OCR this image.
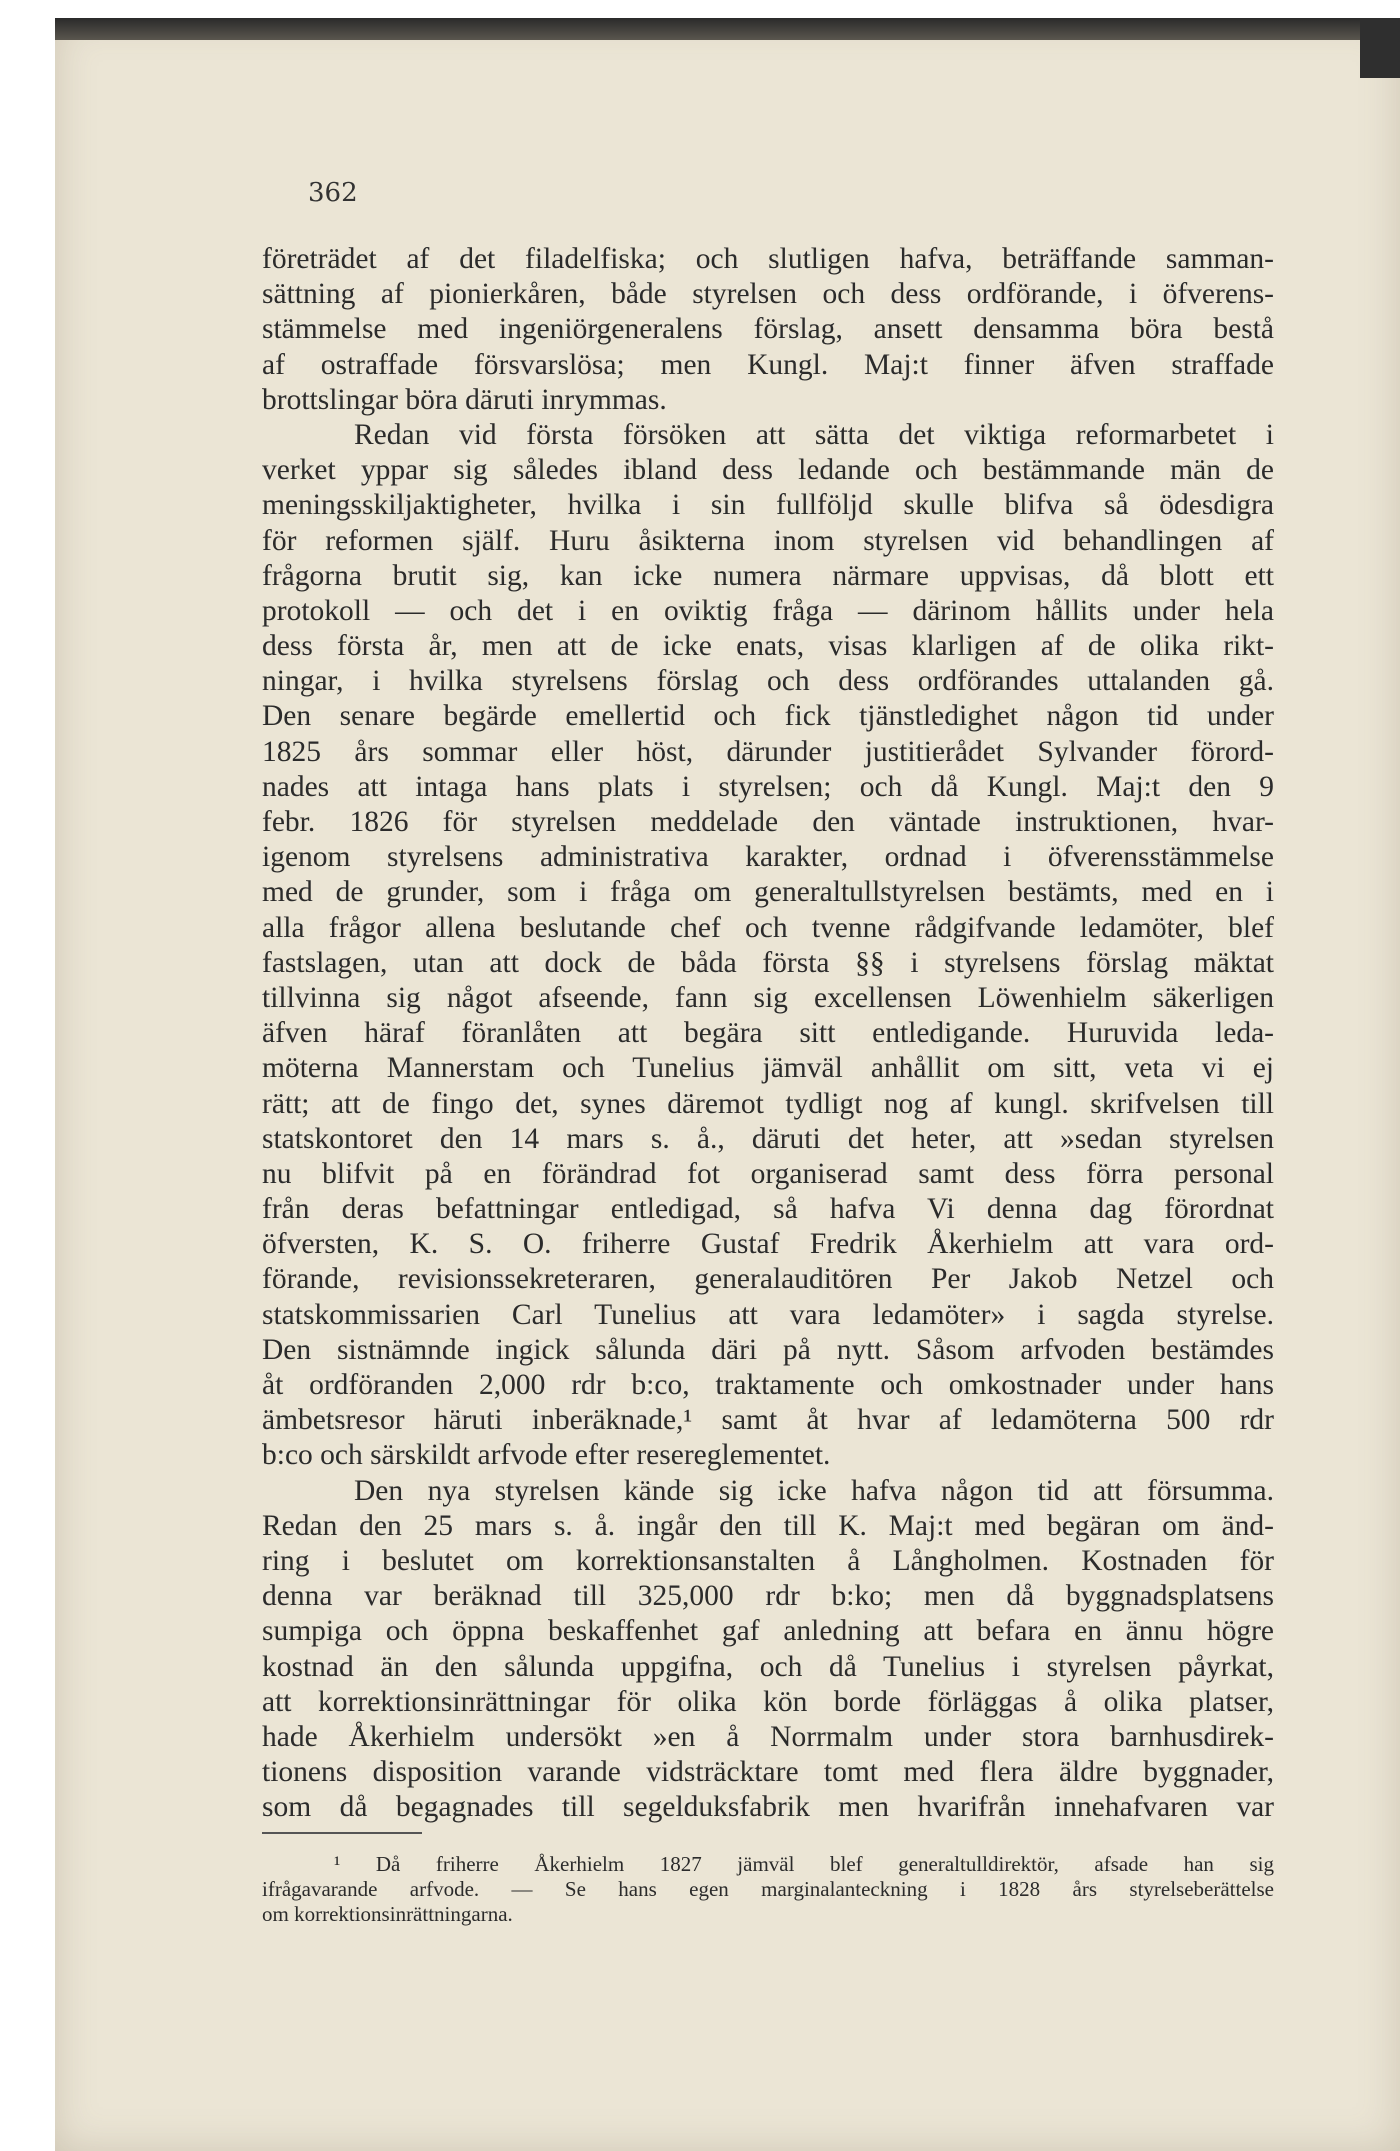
362
företrädet af det filadelfiska; och slutligen hafva, beträffande samman-
sättning af pionierkåren, både styrelsen och dess ordförande, i öfverens-
stämmelse med ingeniörgeneralens förslag, ansett densamma böra bestå
af ostraffade försvarslösa; men Kungl. Maj:t finner äfven straffade
brottslingar böra däruti inrymmas.
Redan vid första försöken att sätta det viktiga reformarbetet i
verket yppar sig således ibland dess ledande och bestämmande män de
meningsskiljaktigheter, hvilka i sin fullföljd skulle blifva så ödesdigra
för reformen själf. Huru åsikterna inom styrelsen vid behandlingen af
frågorna brutit sig, kan icke numera närmare uppvisas, då blott ett
protokoll — och det i en oviktig fråga — därinom hållits under hela
dess första år, men att de icke enats, visas klarligen af de olika rikt-
ningar, i hvilka styrelsens förslag och dess ordförandes uttalanden gå.
Den senare begärde emellertid och fick tjänstledighet någon tid under
1825 års sommar eller höst, därunder justitierådet Sylvander förord-
nades att intaga hans plats i styrelsen; och då Kungl. Maj:t den 9
febr. 1826 för styrelsen meddelade den väntade instruktionen, hvar-
igenom styrelsens administrativa karakter, ordnad i öfverensstämmelse
med de grunder, som i fråga om generaltullstyrelsen bestämts, med en i
alla frågor allena beslutande chef och tvenne rådgifvande ledamöter, blef
fastslagen, utan att dock de båda första §§ i styrelsens förslag mäktat
tillvinna sig något afseende, fann sig excellensen Löwenhielm säkerligen
äfven häraf föranlåten att begära sitt entledigande. Huruvida leda-
möterna Mannerstam och Tunelius jämväl anhållit om sitt, veta vi ej
rätt; att de fingo det, synes däremot tydligt nog af kungl. skrifvelsen till
statskontoret den 14 mars s. å., däruti det heter, att »sedan styrelsen
nu blifvit på en förändrad fot organiserad samt dess förra personal
från deras befattningar entledigad, så hafva Vi denna dag förordnat
öfversten, K. S. O. friherre Gustaf Fredrik Åkerhielm att vara ord-
förande, revisionssekreteraren, generalauditören Per Jakob Netzel och
statskommissarien Carl Tunelius att vara ledamöter» i sagda styrelse.
Den sistnämnde ingick sålunda däri på nytt. Såsom arfvoden bestämdes
åt ordföranden 2,000 rdr b:co, traktamente och omkostnader under hans
ämbetsresor häruti inberäknade,¹ samt åt hvar af ledamöterna 500 rdr
b:co och särskildt arfvode efter resereglementet.
Den nya styrelsen kände sig icke hafva någon tid att försumma.
Redan den 25 mars s. å. ingår den till K. Maj:t med begäran om änd-
ring i beslutet om korrektionsanstalten å Långholmen. Kostnaden för
denna var beräknad till 325,000 rdr b:ko; men då byggnadsplatsens
sumpiga och öppna beskaffenhet gaf anledning att befara en ännu högre
kostnad än den sålunda uppgifna, och då Tunelius i styrelsen påyrkat,
att korrektionsinrättningar för olika kön borde förläggas å olika platser,
hade Åkerhielm undersökt »en å Norrmalm under stora barnhusdirek-
tionens disposition varande vidsträcktare tomt med flera äldre byggnader,
som då begagnades till segelduksfabrik men hvarifrån innehafvaren var
¹ Då friherre Åkerhielm 1827 jämväl blef generaltulldirektör, afsade han sig
ifrågavarande arfvode. — Se hans egen marginalanteckning i 1828 års styrelseberättelse
om korrektionsinrättningarna.
